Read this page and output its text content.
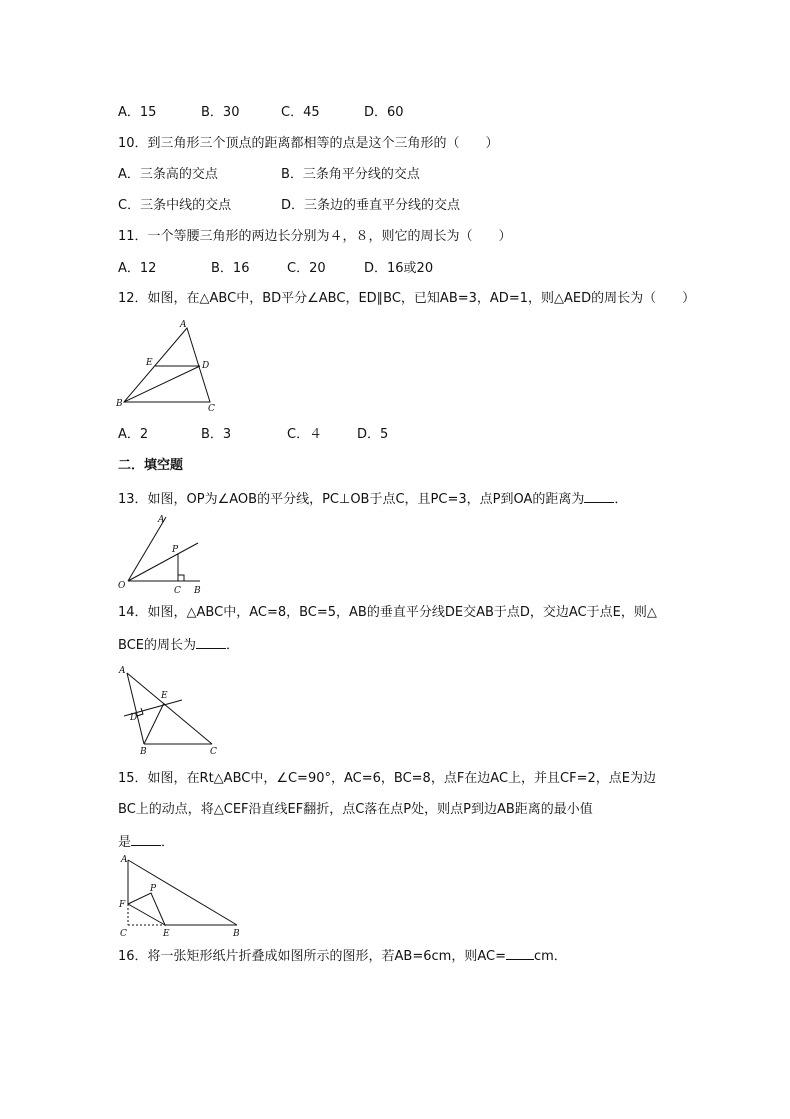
A．15	B．30	C．45	D．60
10．到三角形三个顶点的距离都相等的点是这个三角形的（　　）
A．三条高的交点	B．三条角平分线的交点
C．三条中线的交点	D．三条边的垂直平分线的交点
11．一个等腰三角形的两边长分别为４，８，则它的周长为（　　）
A．12	B．16	C．20	D．16或20
12．如图，在△ABC中，BD平分∠ABC，ED∥BC，已知AB=3，AD=1，则△AED的周长为（　　）
A
E	D
B	C
A．2	B．3	C．４	D．5
二．填空题
13．如图，OP为∠AOB的平分线，PC⊥OB于点C，且PC=3，点P到OA的距离为 ．
A
P
O	C B
14．如图，△ABC中，AC=8，BC=5，AB的垂直平分线DE交AB于点D，交边AC于点E，则△
BCE的周长为 ．
A
E
D
B	C
15．如图，在Rt△ABC中，∠C=90°，AC=6，BC=8，点F在边AC上，并且CF=2，点E为边
BC上的动点，将△CEF沿直线EF翻折，点C落在点P处，则点P到边AB距离的最小值
是 ．
A
P
F
C	E	B
16．将一张矩形纸片折叠成如图所示的图形，若AB=6cm，则AC= cm．
